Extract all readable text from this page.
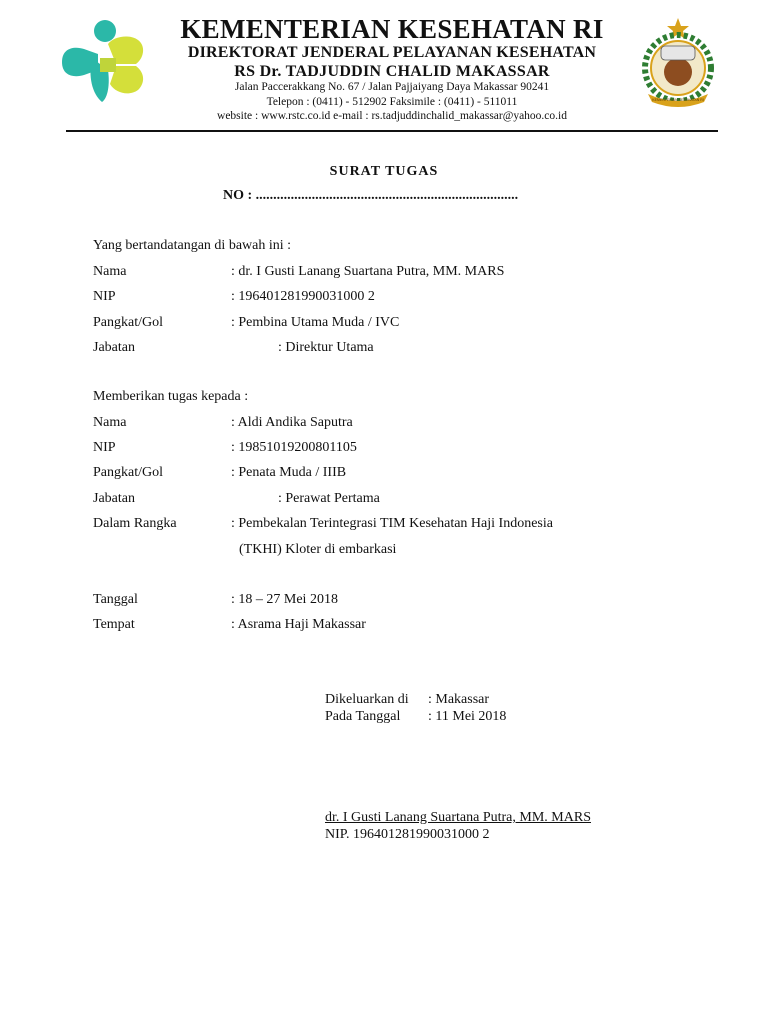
KEMENTERIAN KESEHATAN RI
KEMENTERIAN KESEHATAN RI
DIREKTORAT JENDERAL PELAYANAN KESEHATAN
RS Dr. TADJUDDIN CHALID MAKASSAR
Jalan Paccerakkang No. 67 / Jalan Pajjaiyang Daya Makassar 90241
Telepon : (0411) - 512902 Faksimile : (0411) - 511011
website : www.rstc.co.id e-mail : rs.tadjuddinchalid_makassar@yahoo.co.id
SURAT TUGAS
NO : ...........................................................................
Yang bertandatangan di bawah ini :
Nama	: dr. I Gusti Lanang Suartana Putra, MM. MARS
NIP	: 196401281990031000 2
Pangkat/Gol	: Pembina Utama Muda / IVC
Jabatan	: Direktur Utama
Memberikan tugas kepada :
Nama	: Aldi Andika Saputra
NIP	: 19851019200801105
Pangkat/Gol	: Penata Muda / IIIB
Jabatan	: Perawat Pertama
Dalam Rangka	: Pembekalan Terintegrasi TIM Kesehatan Haji Indonesia
(TKHI) Kloter di embarkasi
Tanggal	: 18 – 27 Mei 2018
Tempat	: Asrama Haji Makassar
Dikeluarkan di : Makassar
Pada Tanggal : 11 Mei 2018
dr. I Gusti Lanang Suartana Putra, MM. MARS
NIP. 196401281990031000 2
